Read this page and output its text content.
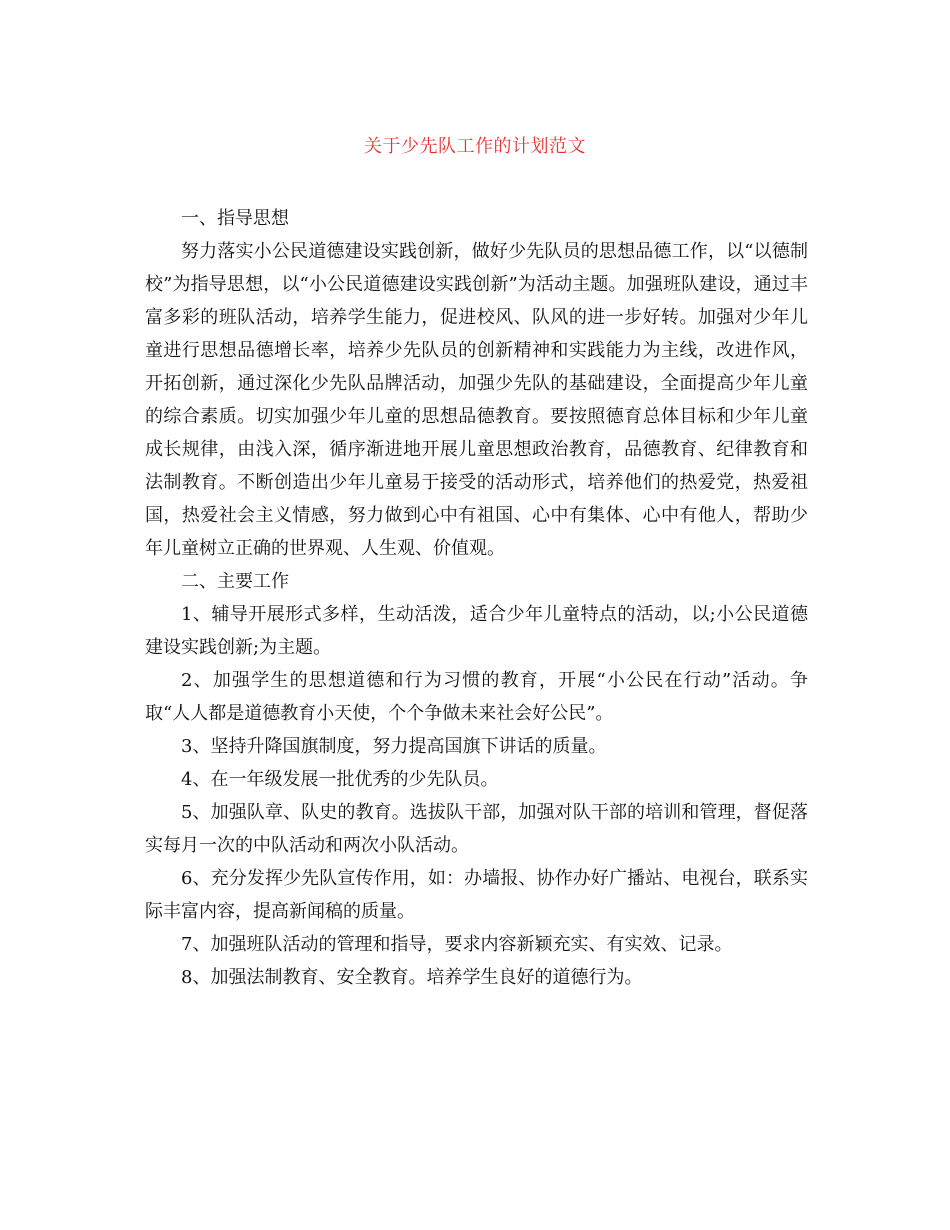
关于少先队工作的计划范文

一、指导思想

努力落实小公民道德建设实践创新，做好少先队员的思想品德工作，以“以德制校”为指导思想，以“小公民道德建设实践创新”为活动主题。加强班队建设，通过丰富多彩的班队活动，培养学生能力，促进校风、队风的进一步好转。加强对少年儿童进行思想品德增长率，培养少先队员的创新精神和实践能力为主线，改进作风，开拓创新，通过深化少先队品牌活动，加强少先队的基础建设，全面提高少年儿童的综合素质。切实加强少年儿童的思想品德教育。要按照德育总体目标和少年儿童成长规律，由浅入深，循序渐进地开展儿童思想政治教育，品德教育、纪律教育和法制教育。不断创造出少年儿童易于接受的活动形式，培养他们的热爱党，热爱祖国，热爱社会主义情感，努力做到心中有祖国、心中有集体、心中有他人，帮助少年儿童树立正确的世界观、人生观、价值观。

二、主要工作

1、辅导开展形式多样，生动活泼，适合少年儿童特点的活动，以;小公民道德建设实践创新;为主题。

2、加强学生的思想道德和行为习惯的教育，开展“小公民在行动”活动。争取“人人都是道德教育小天使，个个争做未来社会好公民”。

3、坚持升降国旗制度，努力提高国旗下讲话的质量。

4、在一年级发展一批优秀的少先队员。

5、加强队章、队史的教育。选拔队干部，加强对队干部的培训和管理，督促落实每月一次的中队活动和两次小队活动。

6、充分发挥少先队宣传作用，如：办墙报、协作办好广播站、电视台，联系实际丰富内容，提高新闻稿的质量。

7、加强班队活动的管理和指导，要求内容新颖充实、有实效、记录。

8、加强法制教育、安全教育。培养学生良好的道德行为。
